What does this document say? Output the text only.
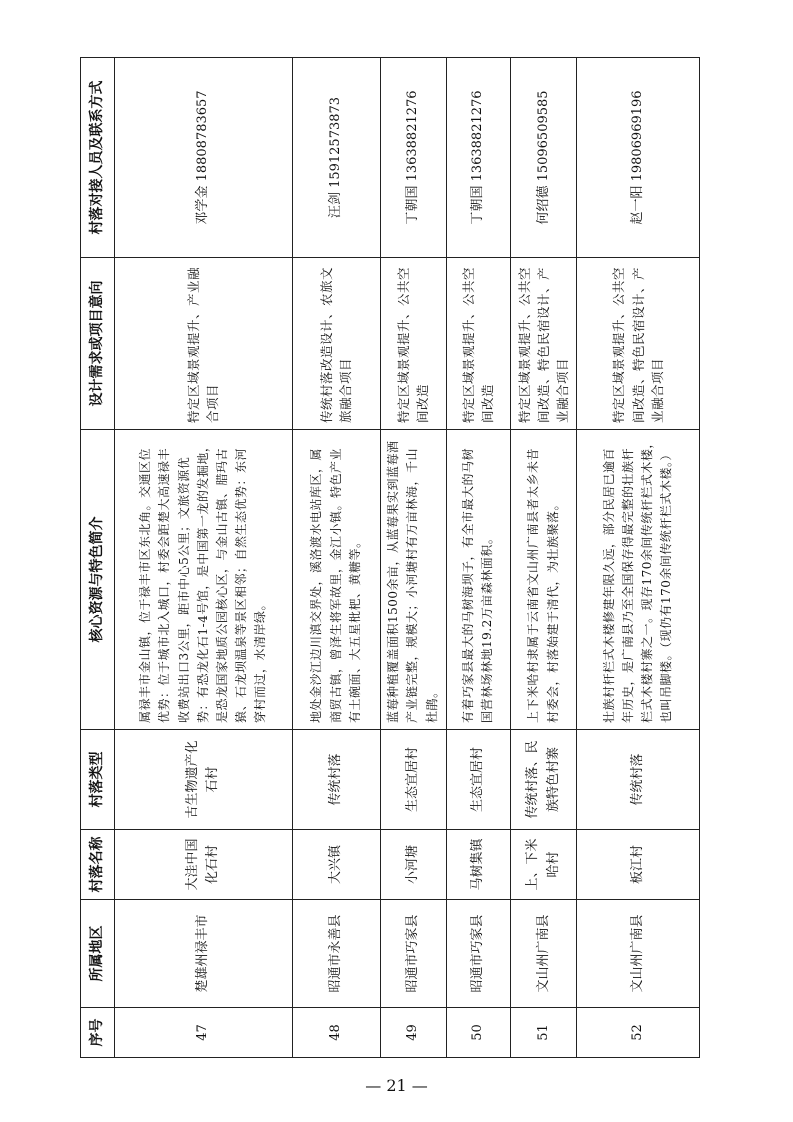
序号	所属地区	村落名称	村落类型	核心资源与特色简介	设计需求或项目意向	村落对接人员及联系方式
47	楚雄州禄丰市	大洼中国化石村	古生物遗产化石村	属禄丰市金山镇，位于禄丰市区东北角。交通区位优势：位于城市北入城口，村委会距楚大高速禄丰收费站出口3公里，距市中心5公里；文旅资源优势：有恐龙化石1-4号馆，是中国第一龙的发掘地，是恐龙国家地质公园核心区，与金山古镇、腊玛古猿、石龙坝温泉等景区相邻；自然生态优势：东河穿村而过，水清岸绿。	特定区域景观提升、产业融合项目	邓学金 18808783657
48	昭通市永善县	大兴镇	传统村落	地处金沙江边川滇交界处，溪洛渡水电站库区，属商贸古镇，曾泽生将军故里，金江小镇。特色产业有土碗面、大五星枇杷、黄糖等。	传统村落改造设计、农旅文旅融合项目	汪剑 15912573873
49	昭通市巧家县	小河塘	生态宜居村	蓝莓种植覆盖面积1500余亩，从蓝莓果实到蓝莓酒产业链完整，规模大；小河塘村有万亩林海，千山杜鹃。	特定区域景观提升、公共空间改造	丁朝国 13638821276
50	昭通市巧家县	马树集镇	生态宜居村	有着巧家县最大的马树海坝子，有全市最大的马树国营林场林地19.2万亩森林面积。	特定区域景观提升、公共空间改造	丁朝国 13638821276
51	文山州广南县	上、下米哈村	传统村落、民族特色村寨	上下米哈村隶属于云南省文山州广南县者太乡未昔村委会，村落始建于清代，为壮族聚落。	特定区域景观提升、公共空间改造、特色民宿设计、产业融合项目	何绍德 15096509585
52	文山州广南县	板江村	传统村落	壮族村杆栏式木楼修建年限久远，部分民居已逾百年历史，是广南县乃至全国保存得最完整的壮族杆栏式木楼村寨之一。现存170余间传统杆栏式木楼，也叫吊脚楼。（现仍有170余间传统杆栏式木楼。）	特定区域景观提升、公共空间改造、特色民宿设计、产业融合项目	赵一阳 19806969196
— 21 —
